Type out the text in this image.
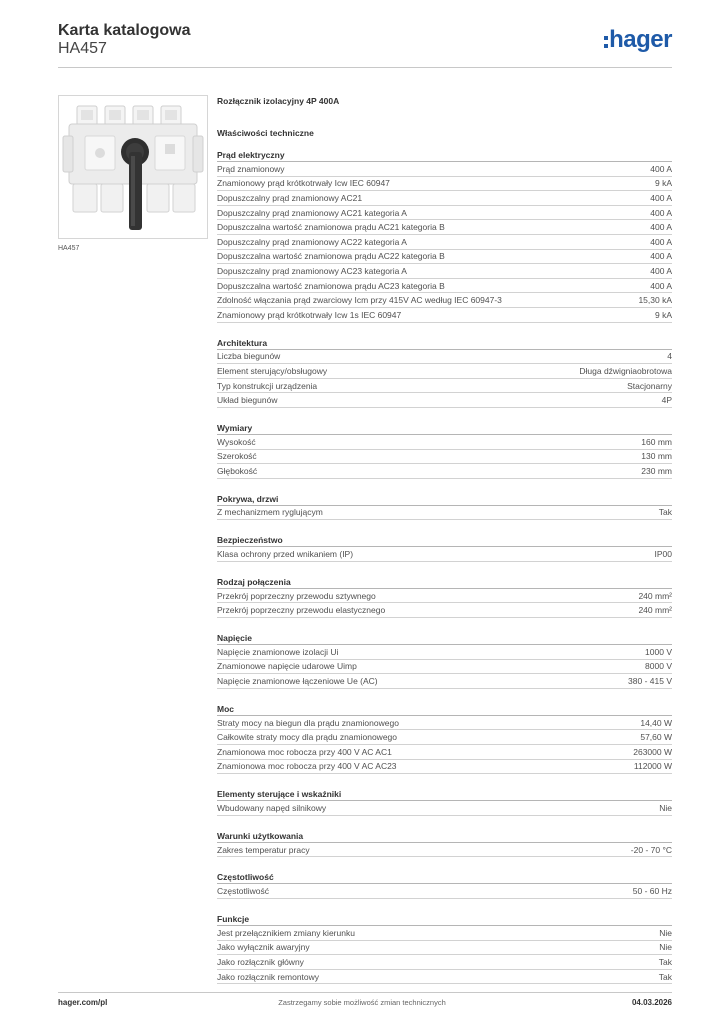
Karta katalogowa
HA457	hager
HA457
Rozłącznik izolacyjny 4P 400A
Właściwości techniczne
Prąd elektryczny
Prąd znamionowy	400 A
Znamionowy prąd krótkotrwały Icw IEC 60947	9 kA
Dopuszczalny prąd znamionowy AC21	400 A
Dopuszczalny prąd znamionowy AC21 kategoria A	400 A
Dopuszczalna wartość znamionowa prądu AC21 kategoria B	400 A
Dopuszczalny prąd znamionowy AC22 kategoria A	400 A
Dopuszczalna wartość znamionowa prądu AC22 kategoria B	400 A
Dopuszczalny prąd znamionowy AC23 kategoria A	400 A
Dopuszczalna wartość znamionowa prądu AC23 kategoria B	400 A
Zdolność włączania prąd zwarciowy Icm przy 415V AC według IEC 60947-3	15,30 kA
Znamionowy prąd krótkotrwały Icw 1s IEC 60947	9 kA
Architektura
Liczba biegunów	4
Element sterujący/obsługowy	Długa dźwigniaobrotowa
Typ konstrukcji urządzenia	Stacjonarny
Układ biegunów	4P
Wymiary
Wysokość	160 mm
Szerokość	130 mm
Głębokość	230 mm
Pokrywa, drzwi
Z mechanizmem ryglującym	Tak
Bezpieczeństwo
Klasa ochrony przed wnikaniem (IP)	IP00
Rodzaj połączenia
Przekrój poprzeczny przewodu sztywnego	240 mm²
Przekrój poprzeczny przewodu elastycznego	240 mm²
Napięcie
Napięcie znamionowe izolacji Ui	1000 V
Znamionowe napięcie udarowe Uimp	8000 V
Napięcie znamionowe łączeniowe Ue (AC)	380 - 415 V
Moc
Straty mocy na biegun dla prądu znamionowego	14,40 W
Całkowite straty mocy dla prądu znamionowego	57,60 W
Znamionowa moc robocza przy 400 V AC AC1	263000 W
Znamionowa moc robocza przy 400 V AC AC23	112000 W
Elementy sterujące i wskaźniki
Wbudowany napęd silnikowy	Nie
Warunki użytkowania
Zakres temperatur pracy	-20 - 70 °C
Częstotliwość
Częstotliwość	50 - 60 Hz
Funkcje
Jest przełącznikiem zmiany kierunku	Nie
Jako wyłącznik awaryjny	Nie
Jako rozłącznik główny	Tak
Jako rozłącznik remontowy	Tak
hager.com/pl	Zastrzegamy sobie możliwość zmian technicznych	04.03.2026
